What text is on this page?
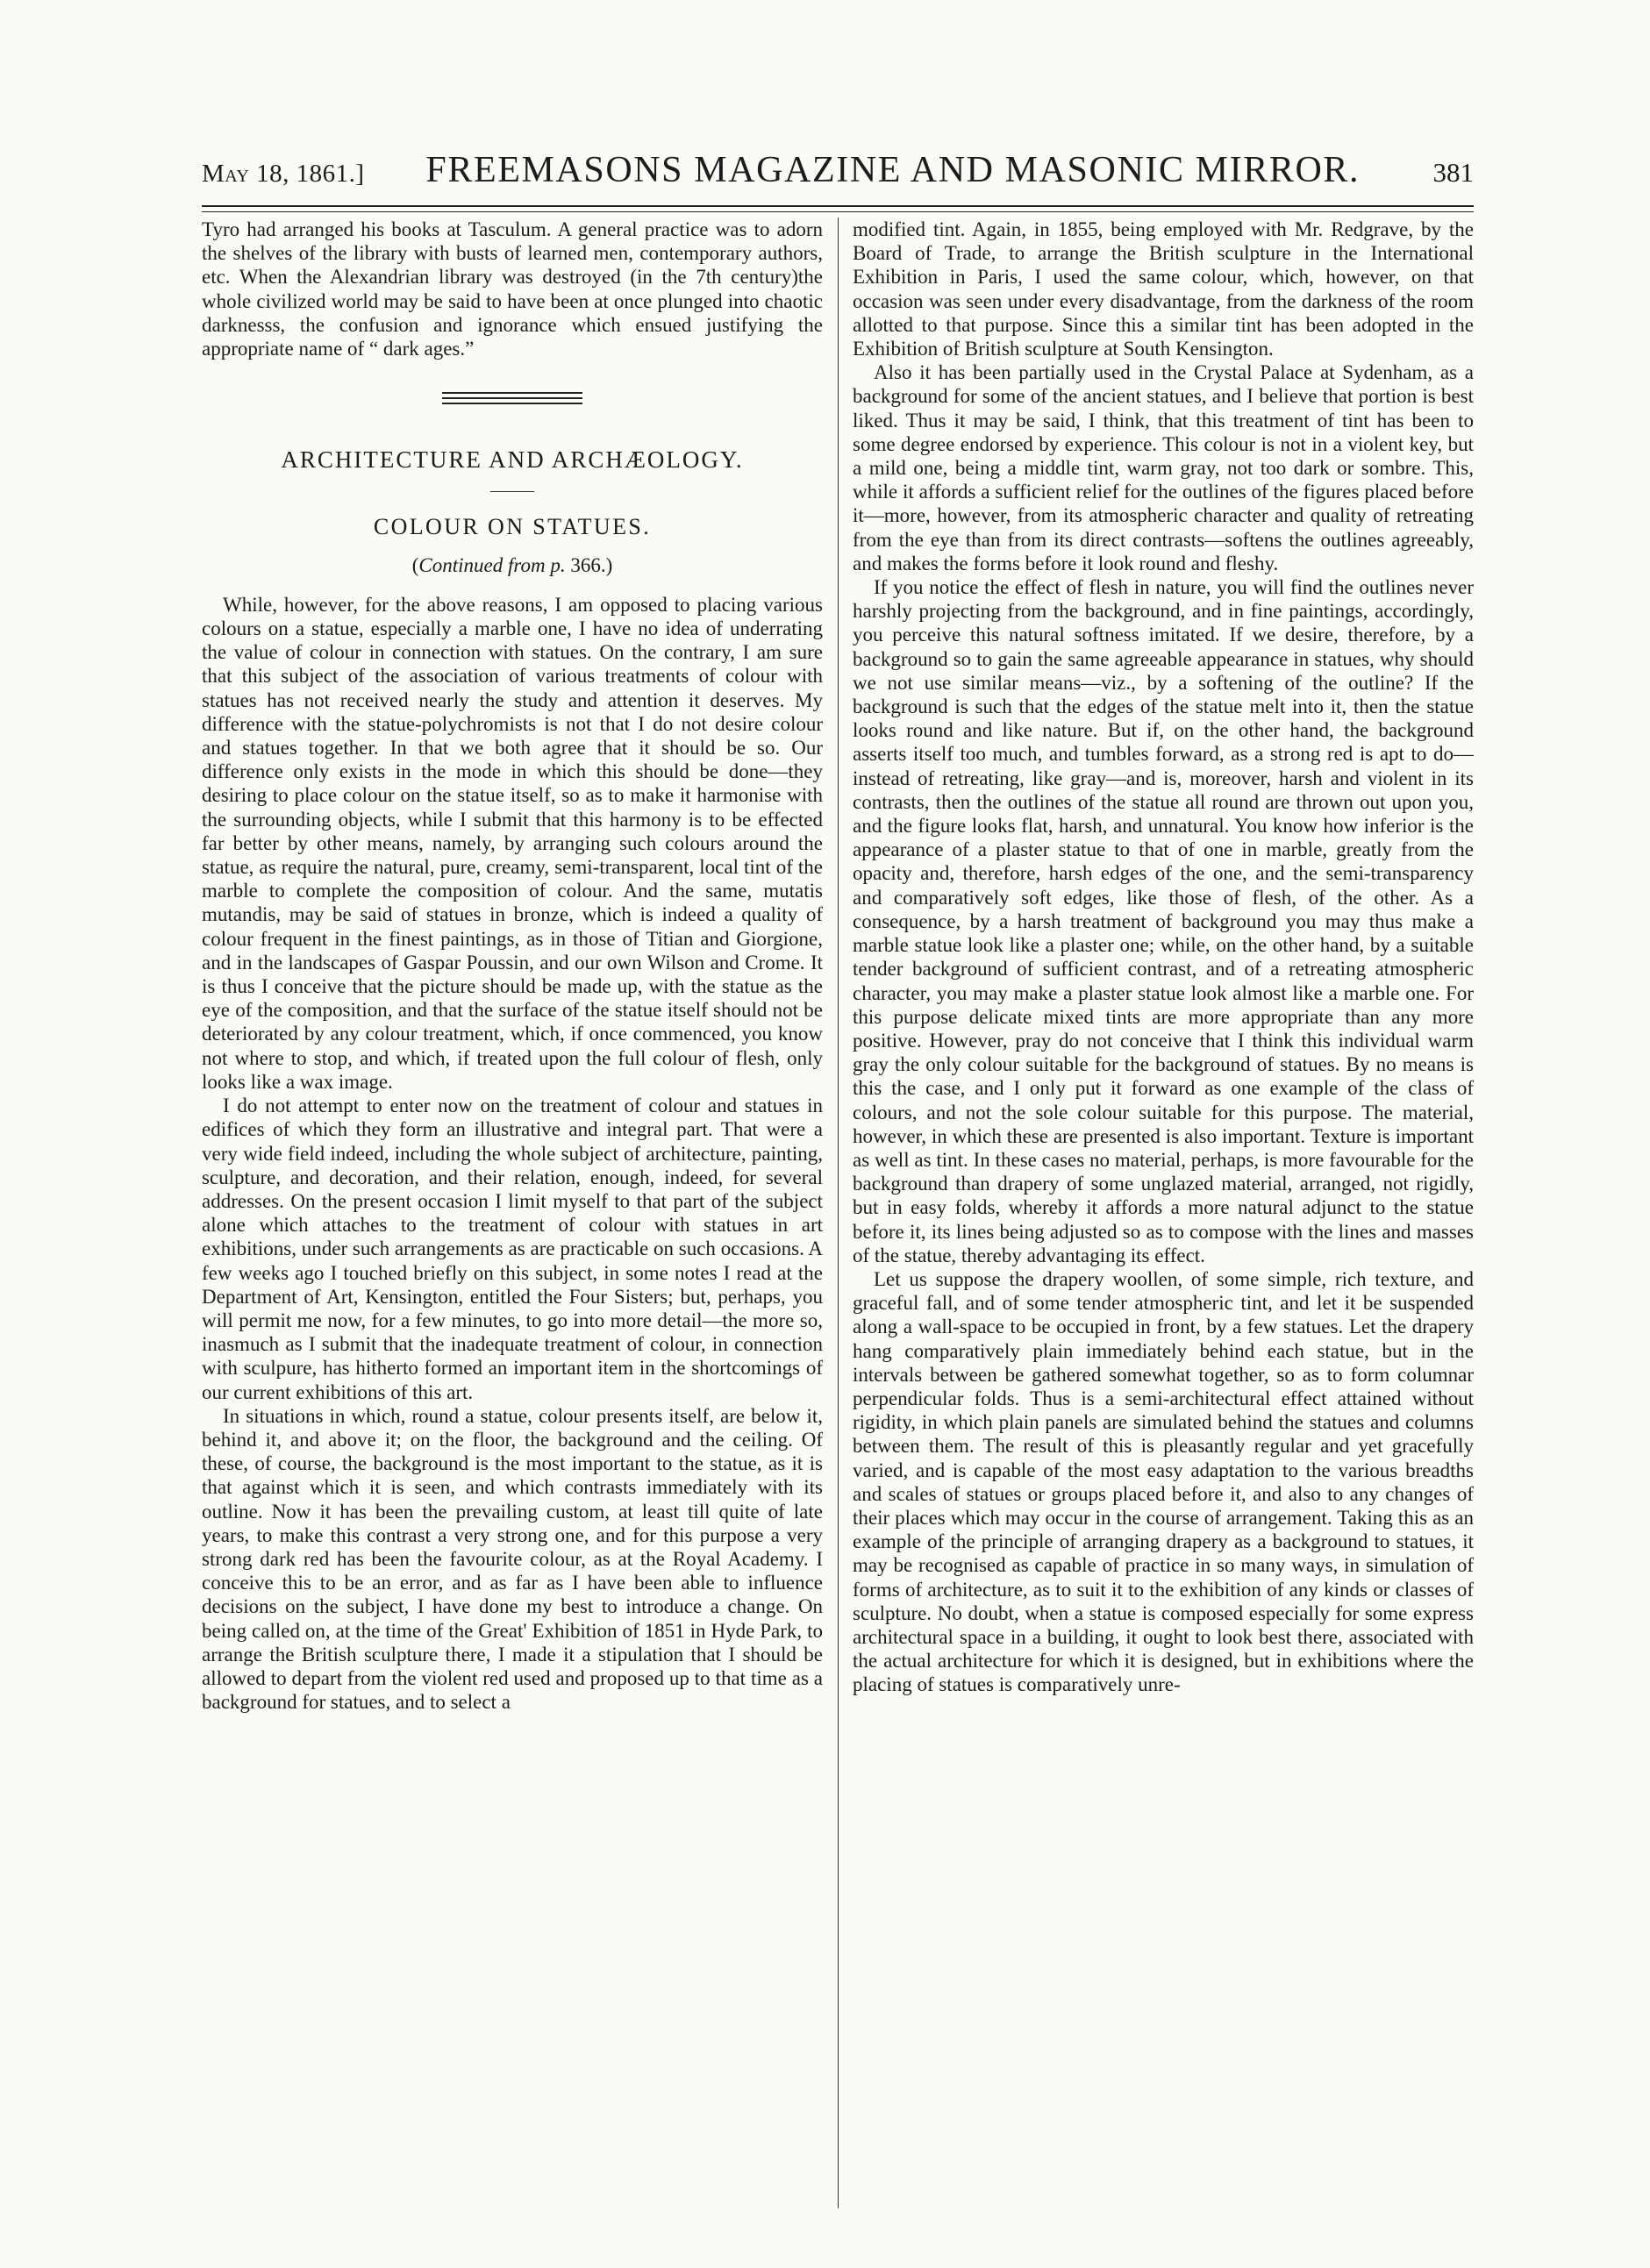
May 18, 1861.] FREEMASONS MAGAZINE AND MASONIC MIRROR.	381

Tyro had arranged his books at Tasculum. A general practice was to adorn the shelves of the library with busts of learned men, contemporary authors, etc. When the Alexandrian library was destroyed (in the 7th century)the whole civilized world may be said to have been at once plunged into chaotic darknesss, the confusion and ignorance which ensued justifying the appropriate name of “ dark ages.”

ARCHITECTURE AND ARCHÆOLOGY.
COLOUR ON STATUES.
(Continued from p. 366.)

While, however, for the above reasons, I am opposed to placing various colours on a statue, especially a marble one, I have no idea of underrating the value of colour in connection with statues. On the contrary, I am sure that this subject of the association of various treatments of colour with statues has not received nearly the study and attention it deserves. My difference with the statue-polychromists is not that I do not desire colour and statues together. In that we both agree that it should be so. Our difference only exists in the mode in which this should be done—they desiring to place colour on the statue itself, so as to make it harmonise with the surrounding objects, while I submit that this harmony is to be effected far better by other means, namely, by arranging such colours around the statue, as require the natural, pure, creamy, semi-transparent, local tint of the marble to complete the composition of colour. And the same, mutatis mutandis, may be said of statues in bronze, which is indeed a quality of colour frequent in the finest paintings, as in those of Titian and Giorgione, and in the landscapes of Gaspar Poussin, and our own Wilson and Crome. It is thus I conceive that the picture should be made up, with the statue as the eye of the composition, and that the surface of the statue itself should not be deteriorated by any colour treatment, which, if once commenced, you know not where to stop, and which, if treated upon the full colour of flesh, only looks like a wax image.

I do not attempt to enter now on the treatment of colour and statues in edifices of which they form an illustrative and integral part. That were a very wide field indeed, including the whole subject of architecture, painting, sculpture, and decoration, and their relation, enough, indeed, for several addresses. On the present occasion I limit myself to that part of the subject alone which attaches to the treatment of colour with statues in art exhibitions, under such arrangements as are practicable on such occasions. A few weeks ago I touched briefly on this subject, in some notes I read at the Department of Art, Kensington, entitled the Four Sisters; but, perhaps, you will permit me now, for a few minutes, to go into more detail—the more so, inasmuch as I submit that the inadequate treatment of colour, in connection with sculpure, has hitherto formed an important item in the shortcomings of our current exhibitions of this art.

In situations in which, round a statue, colour presents itself, are below it, behind it, and above it; on the floor, the background and the ceiling. Of these, of course, the background is the most important to the statue, as it is that against which it is seen, and which contrasts immediately with its outline. Now it has been the prevailing custom, at least till quite of late years, to make this contrast a very strong one, and for this purpose a very strong dark red has been the favourite colour, as at the Royal Academy. I conceive this to be an error, and as far as I have been able to influence decisions on the subject, I have done my best to introduce a change. On being called on, at the time of the Great' Exhibition of 1851 in Hyde Park, to arrange the British sculpture there, I made it a stipulation that I should be allowed to depart from the violent red used and proposed up to that time as a background for statues, and to select a

modified tint. Again, in 1855, being employed with Mr. Redgrave, by the Board of Trade, to arrange the British sculpture in the International Exhibition in Paris, I used the same colour, which, however, on that occasion was seen under every disadvantage, from the darkness of the room allotted to that purpose. Since this a similar tint has been adopted in the Exhibition of British sculpture at South Kensington.

Also it has been partially used in the Crystal Palace at Sydenham, as a background for some of the ancient statues, and I believe that portion is best liked. Thus it may be said, I think, that this treatment of tint has been to some degree endorsed by experience. This colour is not in a violent key, but a mild one, being a middle tint, warm gray, not too dark or sombre. This, while it affords a sufficient relief for the outlines of the figures placed before it—more, however, from its atmospheric character and quality of retreating from the eye than from its direct contrasts—softens the outlines agreeably, and makes the forms before it look round and fleshy.

If you notice the effect of flesh in nature, you will find the outlines never harshly projecting from the background, and in fine paintings, accordingly, you perceive this natural softness imitated. If we desire, therefore, by a background so to gain the same agreeable appearance in statues, why should we not use similar means—viz., by a softening of the outline? If the background is such that the edges of the statue melt into it, then the statue looks round and like nature. But if, on the other hand, the background asserts itself too much, and tumbles forward, as a strong red is apt to do—instead of retreating, like gray—and is, moreover, harsh and violent in its contrasts, then the outlines of the statue all round are thrown out upon you, and the figure looks flat, harsh, and unnatural. You know how inferior is the appearance of a plaster statue to that of one in marble, greatly from the opacity and, therefore, harsh edges of the one, and the semi-transparency and comparatively soft edges, like those of flesh, of the other. As a consequence, by a harsh treatment of background you may thus make a marble statue look like a plaster one; while, on the other hand, by a suitable tender background of sufficient contrast, and of a retreating atmospheric character, you may make a plaster statue look almost like a marble one. For this purpose delicate mixed tints are more appropriate than any more positive. However, pray do not conceive that I think this individual warm gray the only colour suitable for the background of statues. By no means is this the case, and I only put it forward as one example of the class of colours, and not the sole colour suitable for this purpose. The material, however, in which these are presented is also important. Texture is important as well as tint. In these cases no material, perhaps, is more favourable for the background than drapery of some unglazed material, arranged, not rigidly, but in easy folds, whereby it affords a more natural adjunct to the statue before it, its lines being adjusted so as to compose with the lines and masses of the statue, thereby advantaging its effect.

Let us suppose the drapery woollen, of some simple, rich texture, and graceful fall, and of some tender atmospheric tint, and let it be suspended along a wall-space to be occupied in front, by a few statues. Let the drapery hang comparatively plain immediately behind each statue, but in the intervals between be gathered somewhat together, so as to form columnar perpendicular folds. Thus is a semi-architectural effect attained without rigidity, in which plain panels are simulated behind the statues and columns between them. The result of this is pleasantly regular and yet gracefully varied, and is capable of the most easy adaptation to the various breadths and scales of statues or groups placed before it, and also to any changes of their places which may occur in the course of arrangement. Taking this as an example of the principle of arranging drapery as a background to statues, it may be recognised as capable of practice in so many ways, in simulation of forms of architecture, as to suit it to the exhibition of any kinds or classes of sculpture. No doubt, when a statue is composed especially for some express architectural space in a building, it ought to look best there, associated with the actual architecture for which it is designed, but in exhibitions where the placing of statues is comparatively unre-
